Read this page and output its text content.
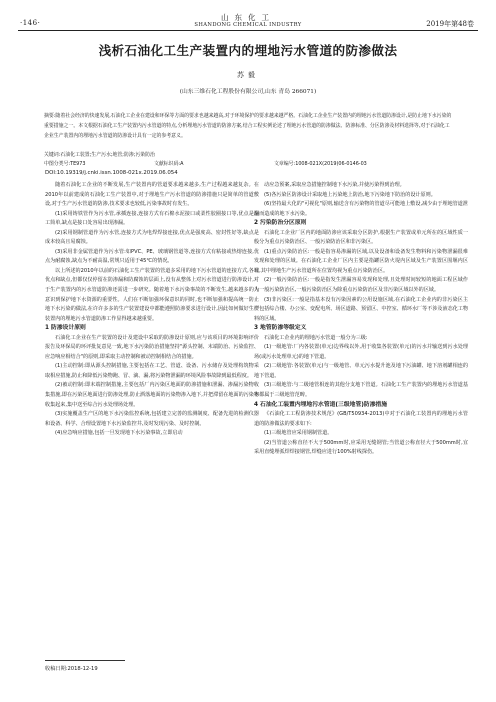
·146·
山东化工
SHANDONG CHEMICAL INDUSTRY	2019年第48卷
浅析石油化工生产装置内的埋地污水管道的防渗做法
苏毅
(山东三维石化工程股份有限公司,山东 青岛 266071)

摘要:随着社会经济的快速发展,石油化工企业在建设和环保等方面的要求也越来越高,对于环境保护的要求越来越严格。石油化工企业生产装置内的埋地污水管道防渗设计,是防止地下水污染的重要措施之一。本文根据石油化工生产装置内污水管道的特点,分析埋地污水管道的防渗方案,结合工程实例论述了埋地污水管道的防渗做法、防渗标准、分区防渗及材料选择等,对于石油化工企业生产装置内的埋地污水管道的防渗设计具有一定的参考意义。

关键词:石油化工装置;生产污水;地管;防渗;污染防治
中图分类号:TE973	文献标识码:A	文章编号:1008-021X(2019)06-0146-03
DOI:10.19319/j.cnki.issn.1008-021x.2019.06.054

随着石油化工企业的不断发展,生产装置内的管道要求越来越多,生产过程越来越复杂。在2010年以前建成的石油化工生产装置中,对于埋地生产污水管道的防渗措施只是简单的管道敷设,对于生产污水管道的防渗,技术要求也较低,污染事故时有发生。

(1)采用铸铁管作为污水管,承插连接,连接方式有石棉水泥接口或柔性胶圈接口等,优点是施工简单,缺点是接口处容易出现渗漏。

(2)采用钢制管道作为污水管,连接方式为电焊焊接连接,优点是强度高、密封性好等,缺点是成本较高且易腐蚀。

(3)采用非金属管道作为污水管:如PVC、PE、玻璃钢管道等,连接方式有粘接或热熔连接,优点为耐腐蚀,缺点为不耐高温,常规只适用于45℃的情况。

以上所述的2010年以前的石油化工生产装置的管道多采用的地下污水管道的连接方式,各有优点和缺点,但都仅仅停留在防渗漏和防腐蚀的层面上,没有从整体上对污水管道进行防渗设计,对于生产装置内的污水管道防渗还需进一步研究。随着地下水污染事故的不断发生,越来越多的人意识到保护地下水资源的重要性。人们在不断加强环保意识的同时,也不断加强和提高统一防止地下水污染的做法,在许许多多的生产装置建设中都能遵照防渗要求进行设计,因此如何做好生产装置内的埋地污水管道防渗工作显得越来越重要。

1 防渗设计原则

石油化工企业在生产装置的设计及建设中采取的防渗设计原则,应与该项目的环境影响评价报告及环保局的环评批复意见一致,地下水污染防治措施坚持"源头控制、末端防治、污染监控、应急响应相结合"的原则,即采取主动控制和被动控制相结合的措施。

(1)主动控制:即从源头控制措施,主要包括在工艺、管道、设备、污水储存及处理构筑物采取相应措施,防止和降低污染物跑、冒、滴、漏,将污染物泄漏的环境风险事故降到最低程度。

(2)被动控制:即末端控制措施,主要包括厂内污染区地面的防渗措施和泄漏、渗漏污染物收集措施,即在污染区地面进行防渗处理,防止洒落地面的污染物渗入地下,并把滞留在地面的污染物收集起来,集中送至综合污水处理场处理。

(3)实施覆盖生产区的地下水污染监控系统,包括建立完善的监测制度、配备先进的检测仪器和设备、科学、合理设置地下水污染监控井,及时发现污染、及时控制。

(4)应急响应措施,包括一旦发现地下水污染事故,立即启动

动应急预案,采取应急措施控制地下水污染,并使污染得到治理。

(5)各污染区防渗设计采取地上污染地上防治,地下污染地下防治的设计原则。

(6)坚持最大化的"可视化"原则,输送含有污染物的管道尽可能地上敷设,减少由于埋地管道泄漏而造成的地下水污染。

2 污染防治分区原则

石油化工企业厂区内的地面防渗应该采取分区防护,根据生产装置或单元所在的区域性质一般分为重点污染防治区、一般污染防治区和非污染区。

(1)重点污染防治区:一般是指容易渗漏的区域,以及设备和设备发生物料和污染物泄漏很难发现和处理的区域。在石油化工企业厂区内主要是指罐区防火堤内区域及生产装置区围堰内区域,其中埋地生产污水管道所在位置均视为重点污染防治区。

(2)一般污染防治区:一般是指发生泄漏容易发现和处理,且处理时间较短的地面工程区域作为一般污染防治区,一般污染防治区为除重点污染防治区及非污染区域以外的区域。

(3)非污染区:一般是指基本没有污染因素的公用设施区域,在石油化工企业内的非污染区主要包括综合楼、办公室、变配电所、场区道路、预留区、中控室、循环水厂等不涉及液态化工物料的区域。

3 地管防渗等级定义

石油化工企业内的埋地污水管道一般分为三级:

(1)一级地管:厂内各装置(单元)边界线以外,用于收集各装置(单元)的污水并输送到污水处理场(或污水处理单元)的地下管道。

(2)二级地管:各装置(单元)与一级地管、单元污水提升池及地下污油罐、地下溶剂罐相连的地下管道。

(3)三级地管:与二级地管相连的其他分支地下管道。石油化工生产装置内的埋地污水管道基本都属于三级地管范畴。

4 石油化工装置内埋地污水管道(三级地管)防渗措施

《石油化工工程防渗技术规范》(GB/T50934-2013)中对于石油化工装置内的埋地污水管道的防渗做法的要求如下:

(1)三级地管应采用钢制管道。

(2)当管道公称直径不大于500mm时,应采用无缝钢管;当管道公称直径大于500mm时,宜采用直缝埋弧焊焊接钢管,焊缝应进行100%射线探伤。

收稿日期:2018-12-19
